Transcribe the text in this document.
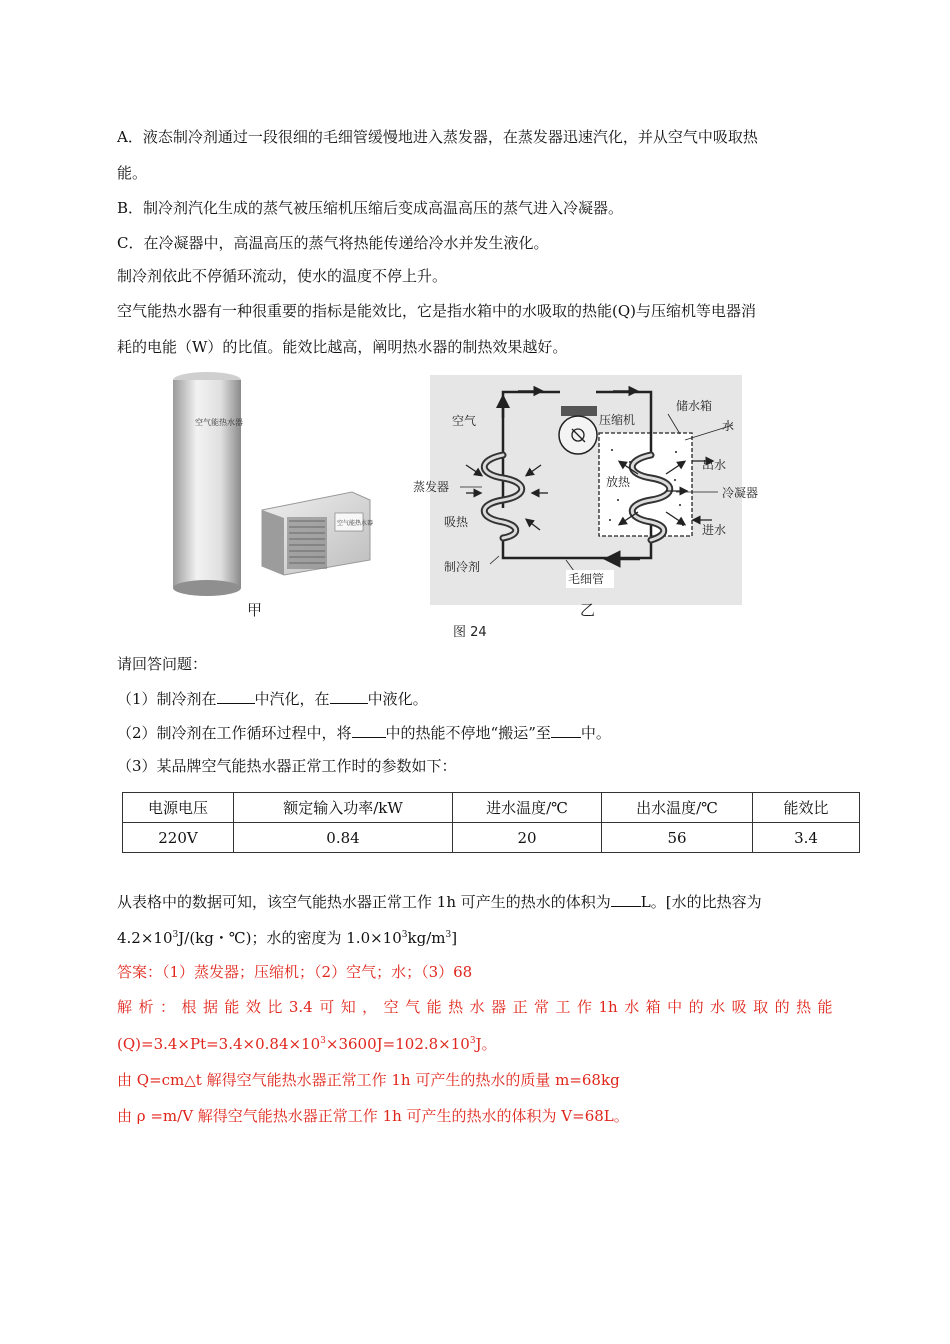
A．液态制冷剂通过一段很细的毛细管缓慢地进入蒸发器，在蒸发器迅速汽化，并从空气中吸取热
能。
B．制冷剂汽化生成的蒸气被压缩机压缩后变成高温高压的蒸气进入冷凝器。
C．在冷凝器中，高温高压的蒸气将热能传递给冷水并发生液化。
制冷剂依此不停循环流动，使水的温度不停上升。
空气能热水器有一种很重要的指标是能效比，它是指水箱中的水吸取的热能(Q)与压缩机等电器消
耗的电能（W）的比值。能效比越高，阐明热水器的制热效果越好。
空气能热水器
空气能热水器
甲
空气	压缩机
储水箱
水
出水
蒸发器	放热
冷凝器
吸热
进水
制冷剂
毛细管
乙
图 24
请回答问题：
（1）制冷剂在	中汽化，在	中液化。
（2）制冷剂在工作循环过程中，将 中的热能不停地“搬运”至 中。
（3）某品牌空气能热水器正常工作时的参数如下：
电源电压	额定输入功率/kW	进水温度/℃	出水温度/℃	能效比
220V	0.84	20	56	3.4
从表格中的数据可知，该空气能热水器正常工作 1h 可产生的热水的体积为 L。[水的比热容为
$4.2\times 10^3J/(kg$・℃)；水的密度为 $1.0\times 10^3kg/m^3$]
答案：（1）蒸发器；压缩机；（2）空气；水；（3）68
解 析 ： 根 据 能 效 比 3.4 可 知 ， 空 气 能 热 水 器 正 常 工 作 1h 水 箱 中 的 水 吸 取 的 热 能
$(Q)=3.4\times Pt=3.4\times 0.84\times 10^3\times 3600J=102.8\times 10^3J$。
由 Q=cm△t 解得空气能热水器正常工作 1h 可产生的热水的质量 m=68kg
由 ρ =m/V 解得空气能热水器正常工作 1h 可产生的热水的体积为 V=68L。
